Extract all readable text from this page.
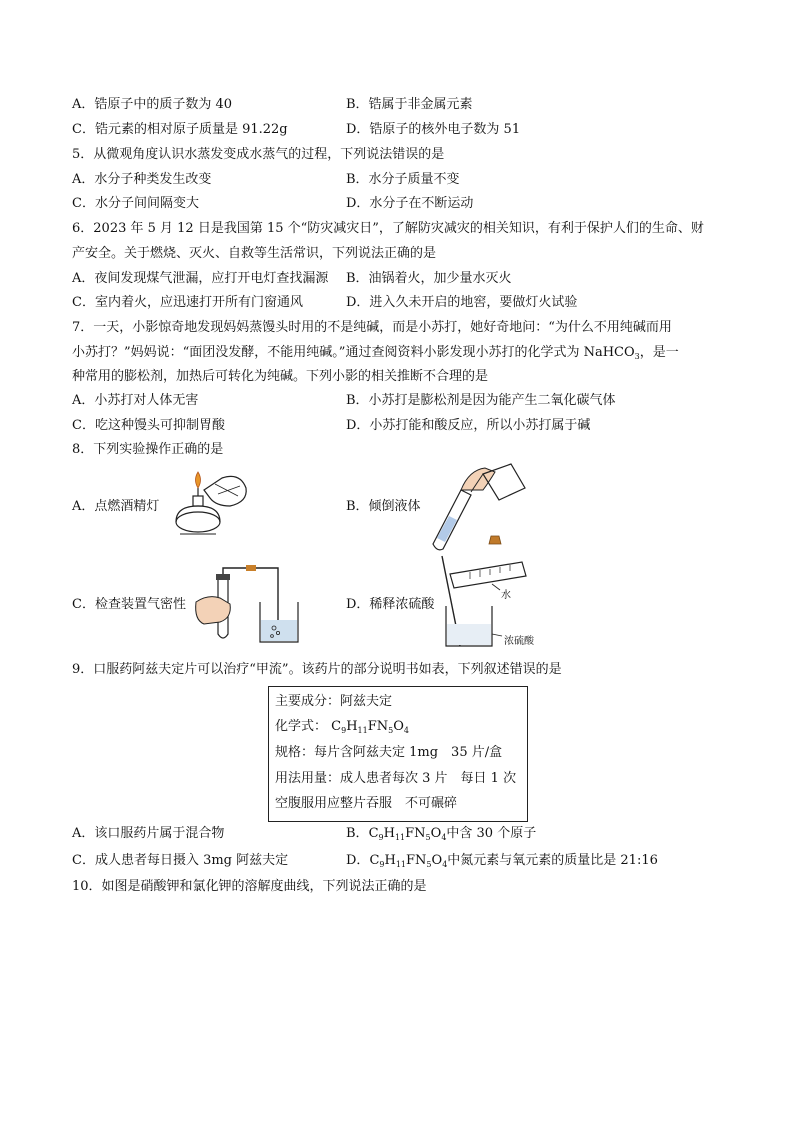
A．锆原子中的质子数为 40	B．锆属于非金属元素
C．锆元素的相对原子质量是 91.22g	D．锆原子的核外电子数为 51
5．从微观角度认识水蒸发变成水蒸气的过程，下列说法错误的是
A．水分子种类发生改变	B．水分子质量不变
C．水分子间间隔变大	D．水分子在不断运动
6．2023 年 5 月 12 日是我国第 15 个“防灾减灾日”，了解防灾减灾的相关知识，有利于保护人们的生命、财
产安全。关于燃烧、灭火、自救等生活常识，下列说法正确的是
A．夜间发现煤气泄漏，应打开电灯查找漏源 B．油锅着火，加少量水灭火
C．室内着火，应迅速打开所有门窗通风	D．进入久未开启的地窖，要做灯火试验
7．一天，小影惊奇地发现妈妈蒸馒头时用的不是纯碱，而是小苏打，她好奇地问：“为什么不用纯碱而用
小苏打？”妈妈说：“面团没发酵，不能用纯碱。”通过查阅资料小影发现小苏打的化学式为 NaHCO$_3$，是一
种常用的膨松剂，加热后可转化为纯碱。下列小影的相关推断不合理的是
A．小苏打对人体无害	B．小苏打是膨松剂是因为能产生二氧化碳气体
C．吃这种馒头可抑制胃酸	D．小苏打能和酸反应，所以小苏打属于碱
8．下列实验操作正确的是
A．点燃酒精灯	B．倾倒液体
C．检查装置气密性	D．稀释浓硫酸
水
浓硫酸
9．口服药阿兹夫定片可以治疗“甲流”。该药片的部分说明书如表，下列叙述错误的是
主要成分：阿兹夫定
化学式： $C_9H_{11}FN_5O_4$
规格：每片含阿兹夫定 1mg　35 片/盒
用法用量：成人患者每次 3 片　每日 1 次
空腹服用应整片吞服　不可碾碎
A．该口服药片属于混合物	B．$C_9H_{11}FN_5O_4$中含 30 个原子
C．成人患者每日摄入 3mg 阿兹夫定	D．$C_9H_{11}FN_5O_4$中氮元素与氧元素的质量比是 21:16
10．如图是硝酸钾和氯化钾的溶解度曲线，下列说法正确的是
